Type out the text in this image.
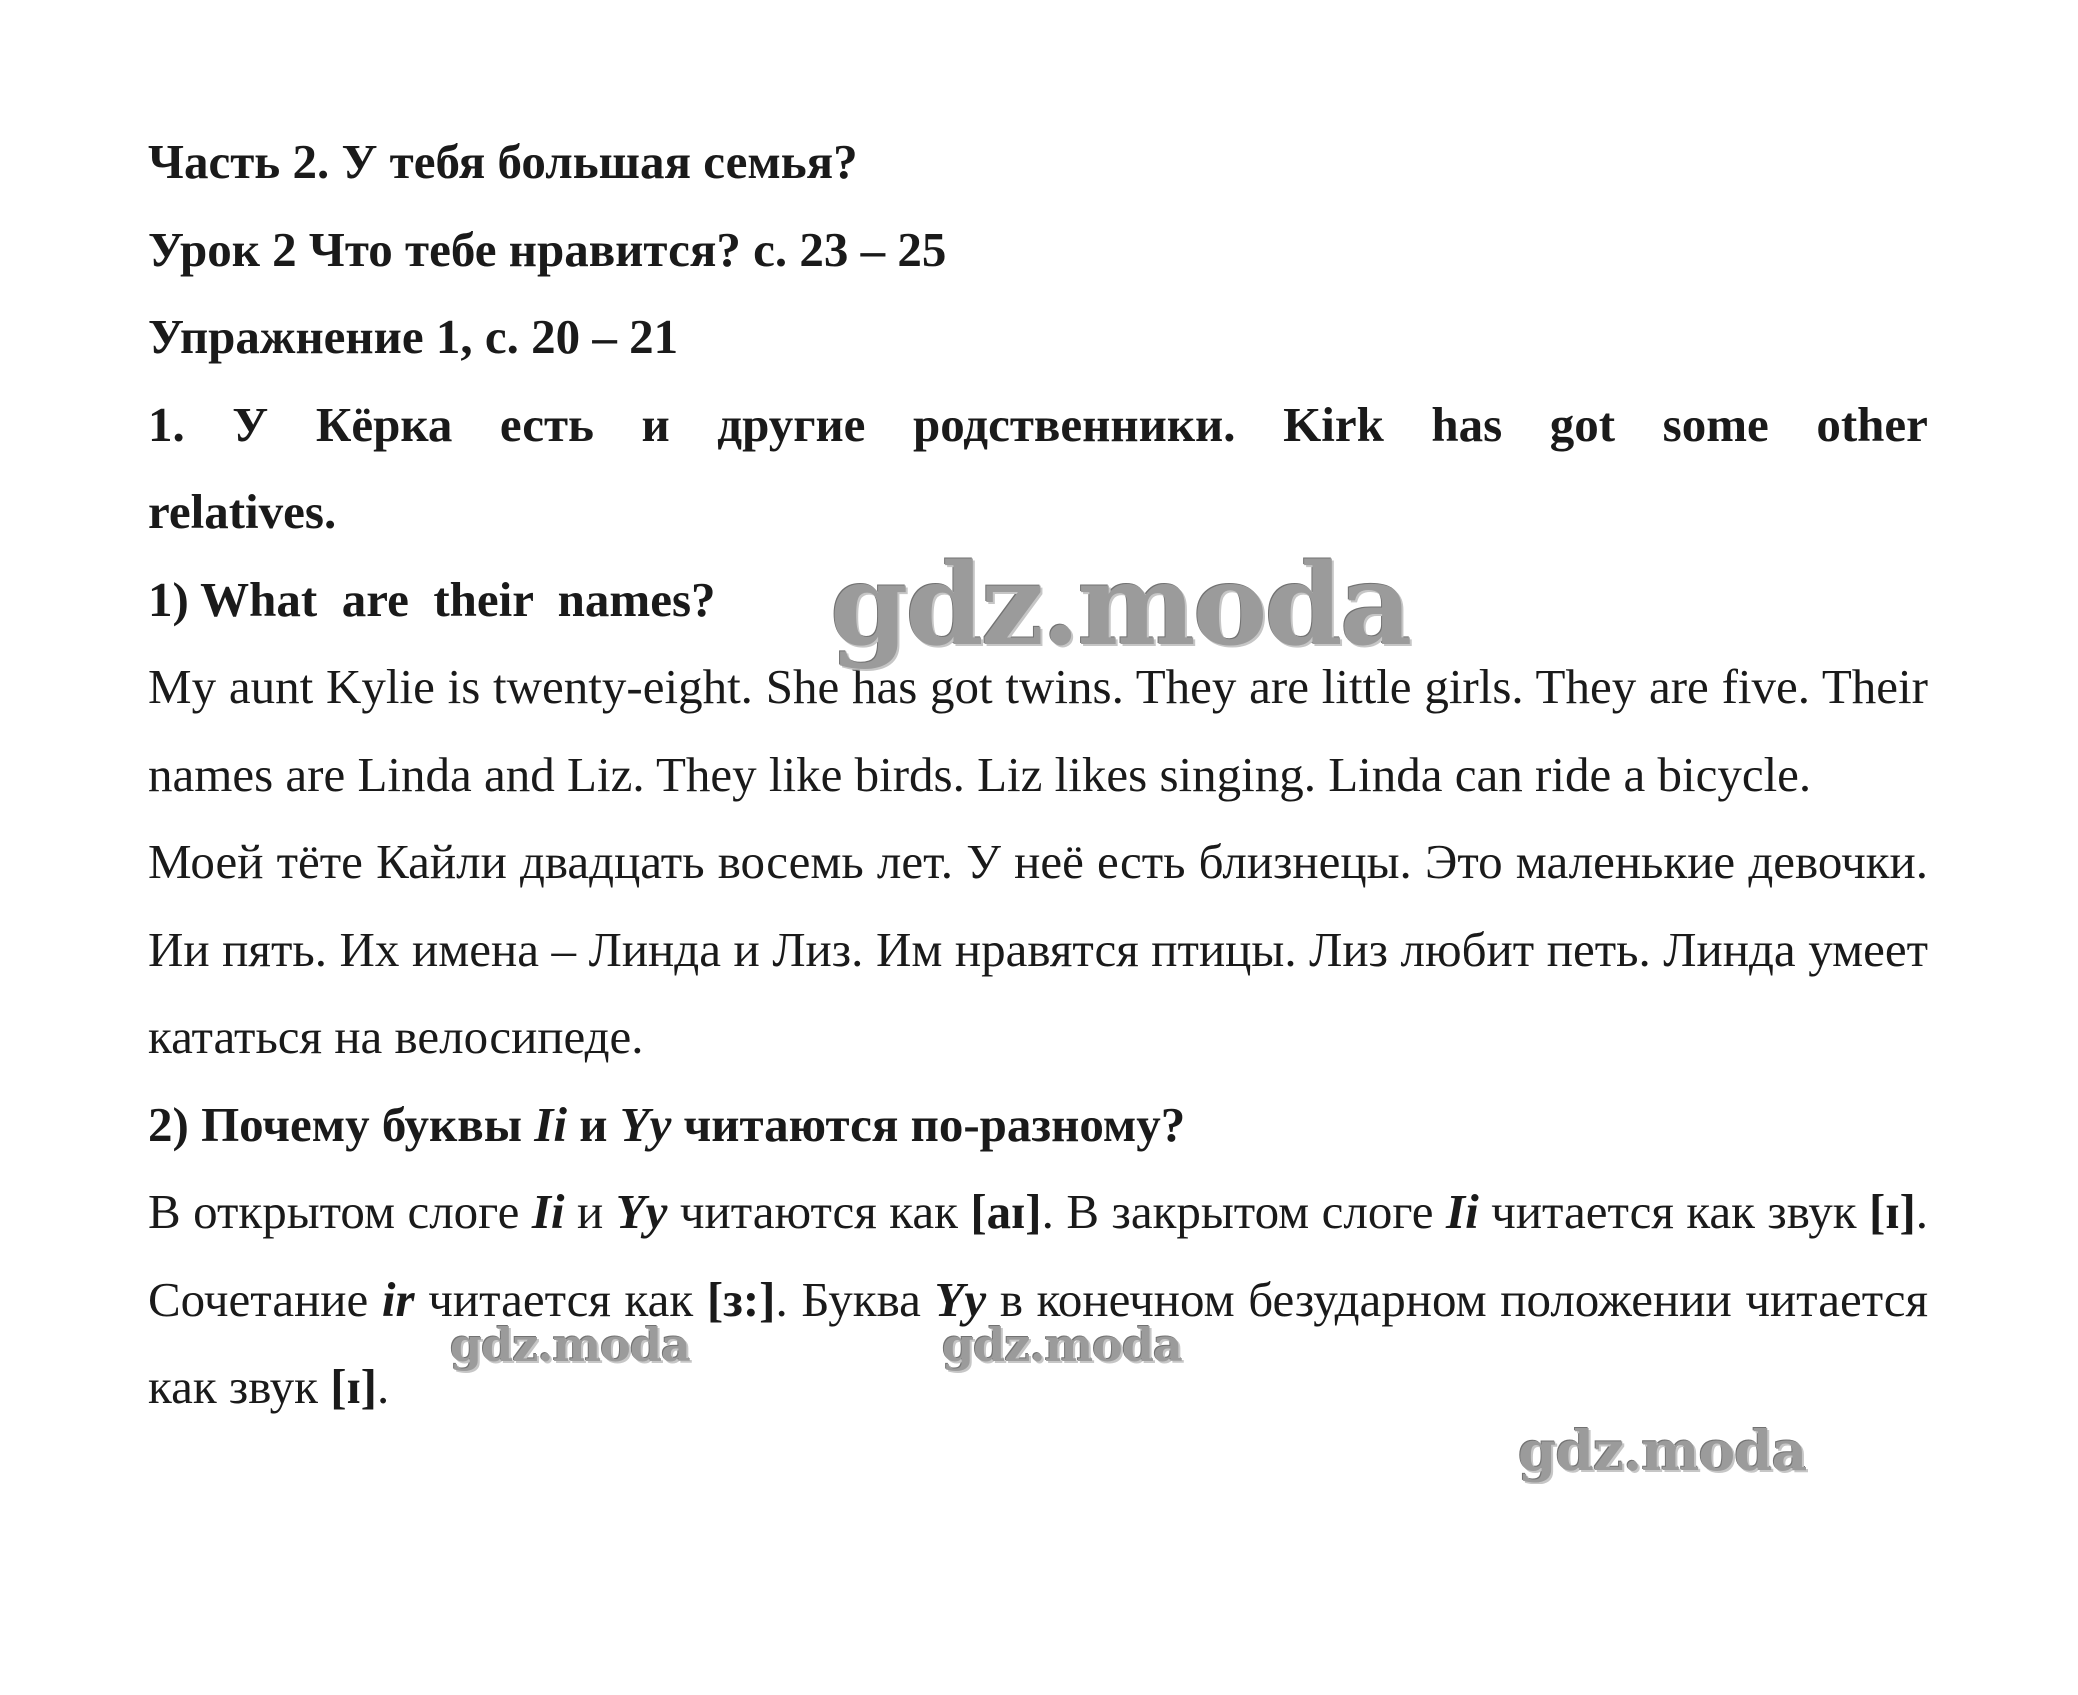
Часть 2. У тебя большая семья?
Урок 2 Что тебе нравится? с. 23 – 25
Упражнение 1, с. 20 – 21
1. У Кёрка есть и другие родственники. Kirk has got some other
relatives.
1) What  are  their  names?
My aunt Kylie is twenty-eight. She has got twins. They are little girls. They are five. Their names are Linda and Liz. They like birds. Liz likes singing. Linda can ride a bicycle.
Моей тёте Кайли двадцать восемь лет. У неё есть близнецы. Это маленькие девочки. Ии пять. Их имена – Линда и Лиз. Им нравятся птицы. Лиз любит петь. Линда умеет кататься на велосипеде.
2) Почему буквы Ii и Yy читаются по-разному?
В открытом слоге Ii и Yy читаются как [aɪ]. В закрытом слоге Ii читается как звук [ɪ]. Сочетание ir читается как [з:]. Буква Yy в конечном безударном положении читается как звук [ɪ].
gdz.moda
gdz.moda	gdz.moda
gdz.moda
